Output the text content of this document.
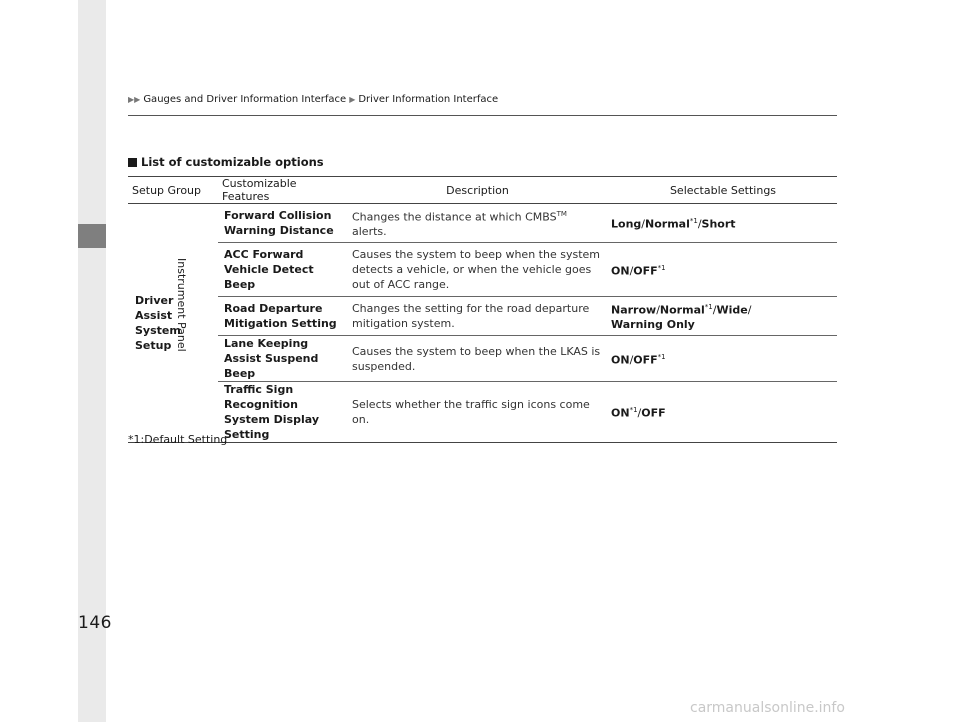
Instrument Panel
▶▶ Gauges and Driver Information Interface ▶ Driver Information Interface
List of customizable options
Setup Group	Customizable Features	Description	Selectable Settings

Driver Assist System Setup	Forward Collision Warning Distance	Changes the distance at which CMBS™ alerts.	Long/Normal$^{*1}$/Short
	ACC Forward Vehicle Detect Beep	Causes the system to beep when the system detects a vehicle, or when the vehicle goes out of ACC range.	ON/OFF$^{*1}$
	Road Departure Mitigation Setting	Changes the setting for the road departure mitigation system.	Narrow/Normal$^{*1}$/Wide/
Warning Only
	Lane Keeping Assist Suspend Beep	Causes the system to beep when the LKAS is suspended.	ON/OFF$^{*1}$
	Traffic Sign Recognition System Display Setting	Selects whether the traffic sign icons come on.	ON$^{*1}$/OFF
*1:Default Setting
146
carmanualsonline.info
